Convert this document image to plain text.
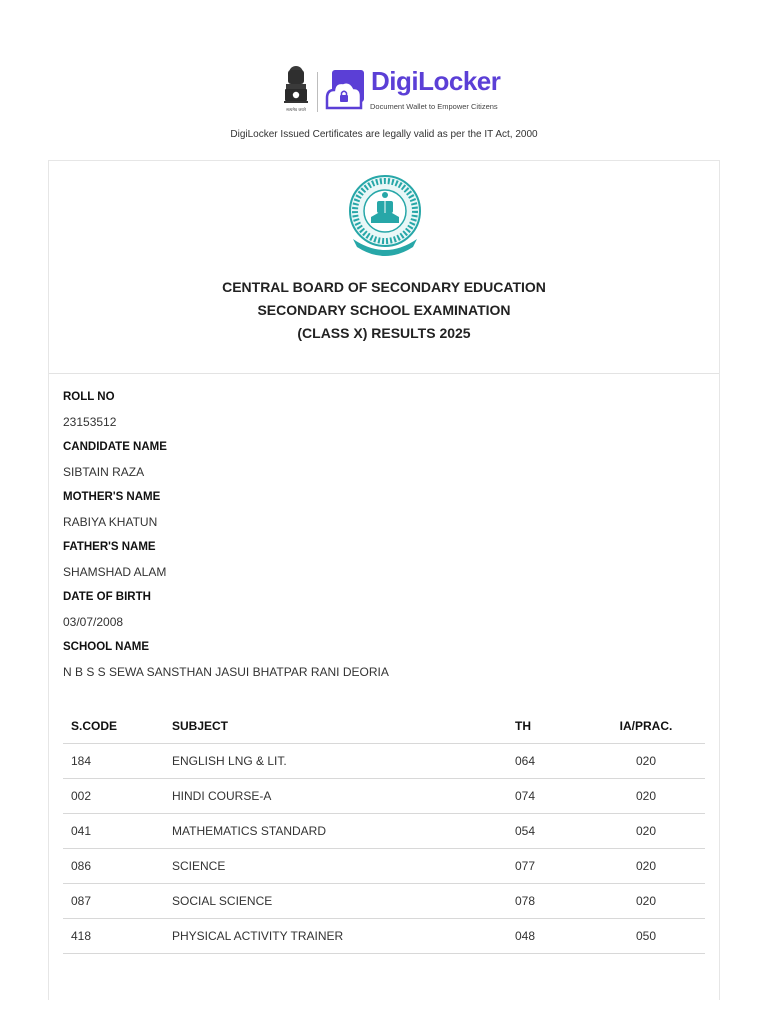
सत्यमेव जयते
DigiLocker
Document Wallet to Empower Citizens
DigiLocker Issued Certificates are legally valid as per the IT Act, 2000
CENTRAL BOARD OF SECONDARY EDUCATION
SECONDARY SCHOOL EXAMINATION
(CLASS X) RESULTS 2025
ROLL NO
23153512
CANDIDATE NAME
SIBTAIN RAZA
MOTHER'S NAME
RABIYA KHATUN
FATHER'S NAME
SHAMSHAD ALAM
DATE OF BIRTH
03/07/2008
SCHOOL NAME
N B S S SEWA SANSTHAN JASUI BHATPAR RANI DEORIA
S.CODE	SUBJECT	TH	IA/PRAC.
184	ENGLISH LNG & LIT.	064	020
002	HINDI COURSE-A	074	020
041	MATHEMATICS STANDARD	054	020
086	SCIENCE	077	020
087	SOCIAL SCIENCE	078	020
418	PHYSICAL ACTIVITY TRAINER	048	050
